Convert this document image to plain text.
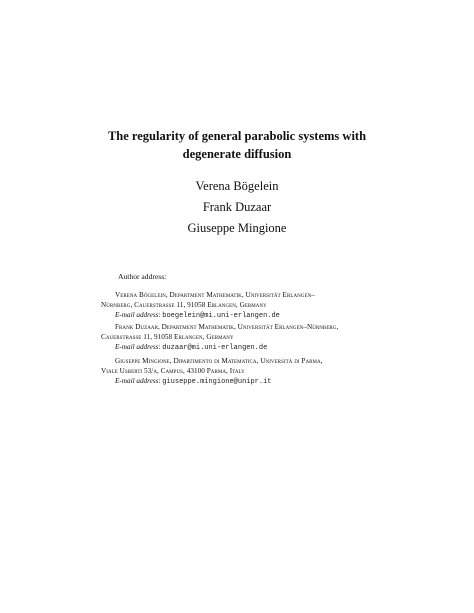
The regularity of general parabolic systems with
degenerate diffusion
Verena Bögelein
Frank Duzaar
Giuseppe Mingione
Author address:
Verena Bögelein, Department Mathematik, Universität Erlangen–
Nürnberg, Cauerstrasse 11, 91058 Erlangen, Germany
E-mail address: boegelein@mi.uni-erlangen.de
Frank Duzaar, Department Mathematik, Universität Erlangen–Nürnberg,
Cauerstrasse 11, 91058 Erlangen, Germany
E-mail address: duzaar@mi.uni-erlangen.de
Giuseppe Mingione, Dipartimento di Matematica, Università di Parma,
Viale Usberti 53/a, Campus, 43100 Parma, Italy
E-mail address: giuseppe.mingione@unipr.it
